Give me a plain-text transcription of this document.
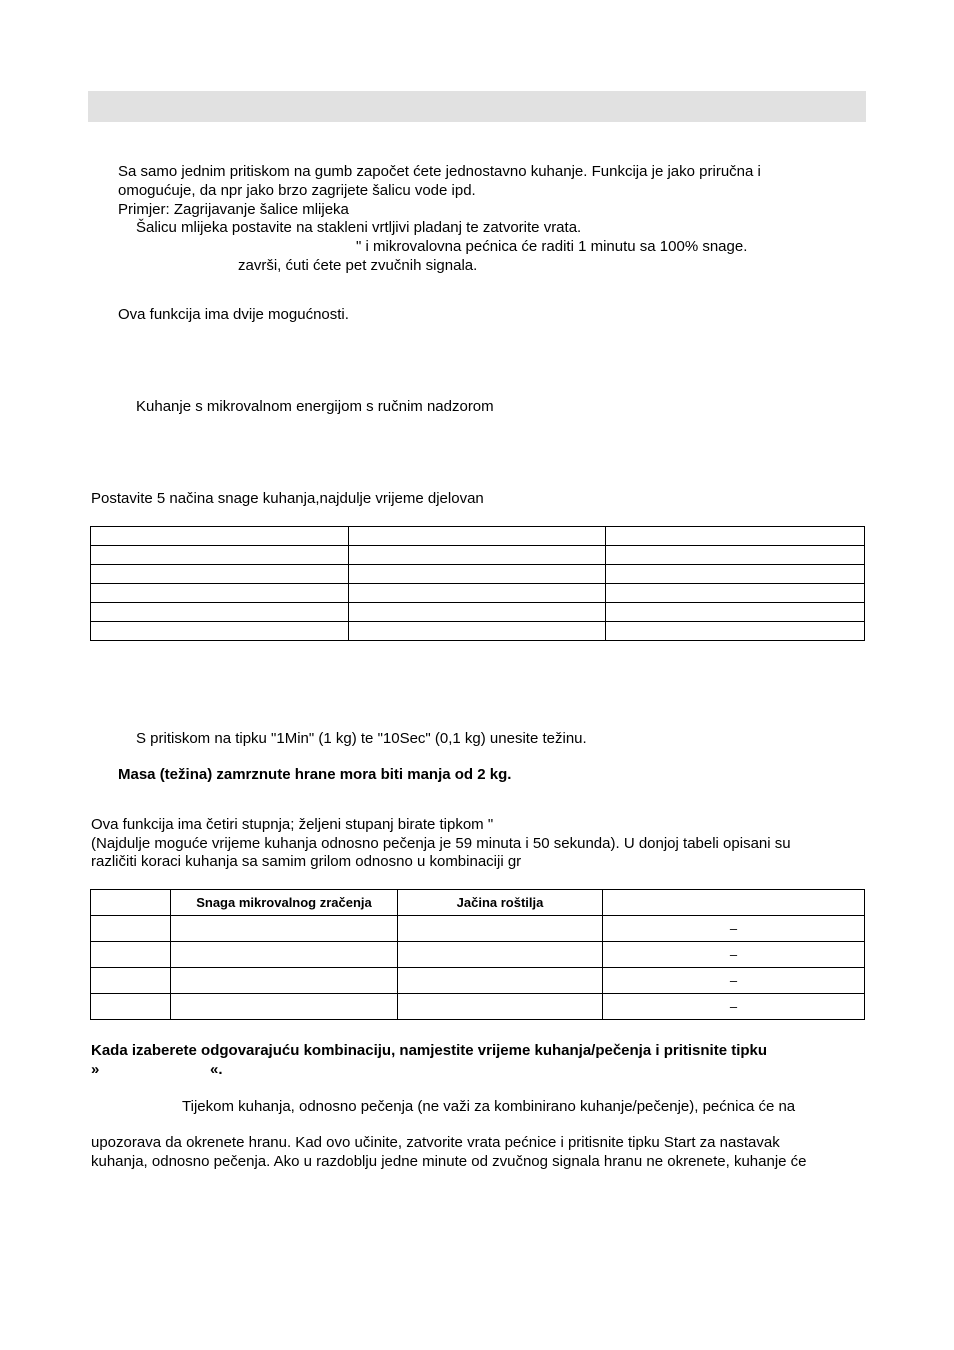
Sa samo jednim pritiskom na gumb započet ćete jednostavno kuhanje. Funkcija je jako priručna i
omogućuje, da npr jako brzo zagrijete šalicu vode ipd.
Primjer: Zagrijavanje šalice mlijeka
Šalicu mlijeka postavite na stakleni vrtljivi pladanj te zatvorite vrata.
" i mikrovalovna pećnica će raditi 1 minutu sa 100% snage.
završi, ćuti ćete pet zvučnih signala.
Ova funkcija ima dvije mogućnosti.
Kuhanje s mikrovalnom energijom s ručnim nadzorom
Postavite 5 načina snage kuhanja,najdulje vrijeme djelovan

S pritiskom na tipku "1Min" (1 kg) te "10Sec" (0,1 kg) unesite težinu.
Masa (težina) zamrznute hrane mora biti manja od 2 kg.
Ova funkcija ima četiri stupnja; željeni stupanj birate tipkom "
(Najdulje moguće vrijeme kuhanja odnosno pečenja je 59 minuta i 50 sekunda). U donjoj tabeli opisani su
različiti koraci kuhanja sa samim grilom odnosno u kombinaciji gr
	Snaga mikrovalnog zračenja	Jačina roštilja	
			–
			–
			–
			–
Kada izaberete odgovarajuću kombinaciju, namjestite vrijeme kuhanja/pečenja i pritisnite tipku
»	«.
Tijekom kuhanja, odnosno pečenja (ne važi za kombinirano kuhanje/pečenje), pećnica će na
upozorava da okrenete hranu. Kad ovo učinite, zatvorite vrata pećnice i pritisnite tipku Start za nastavak
kuhanja, odnosno pečenja. Ako u razdoblju jedne minute od zvučnog signala hranu ne okrenete, kuhanje će
